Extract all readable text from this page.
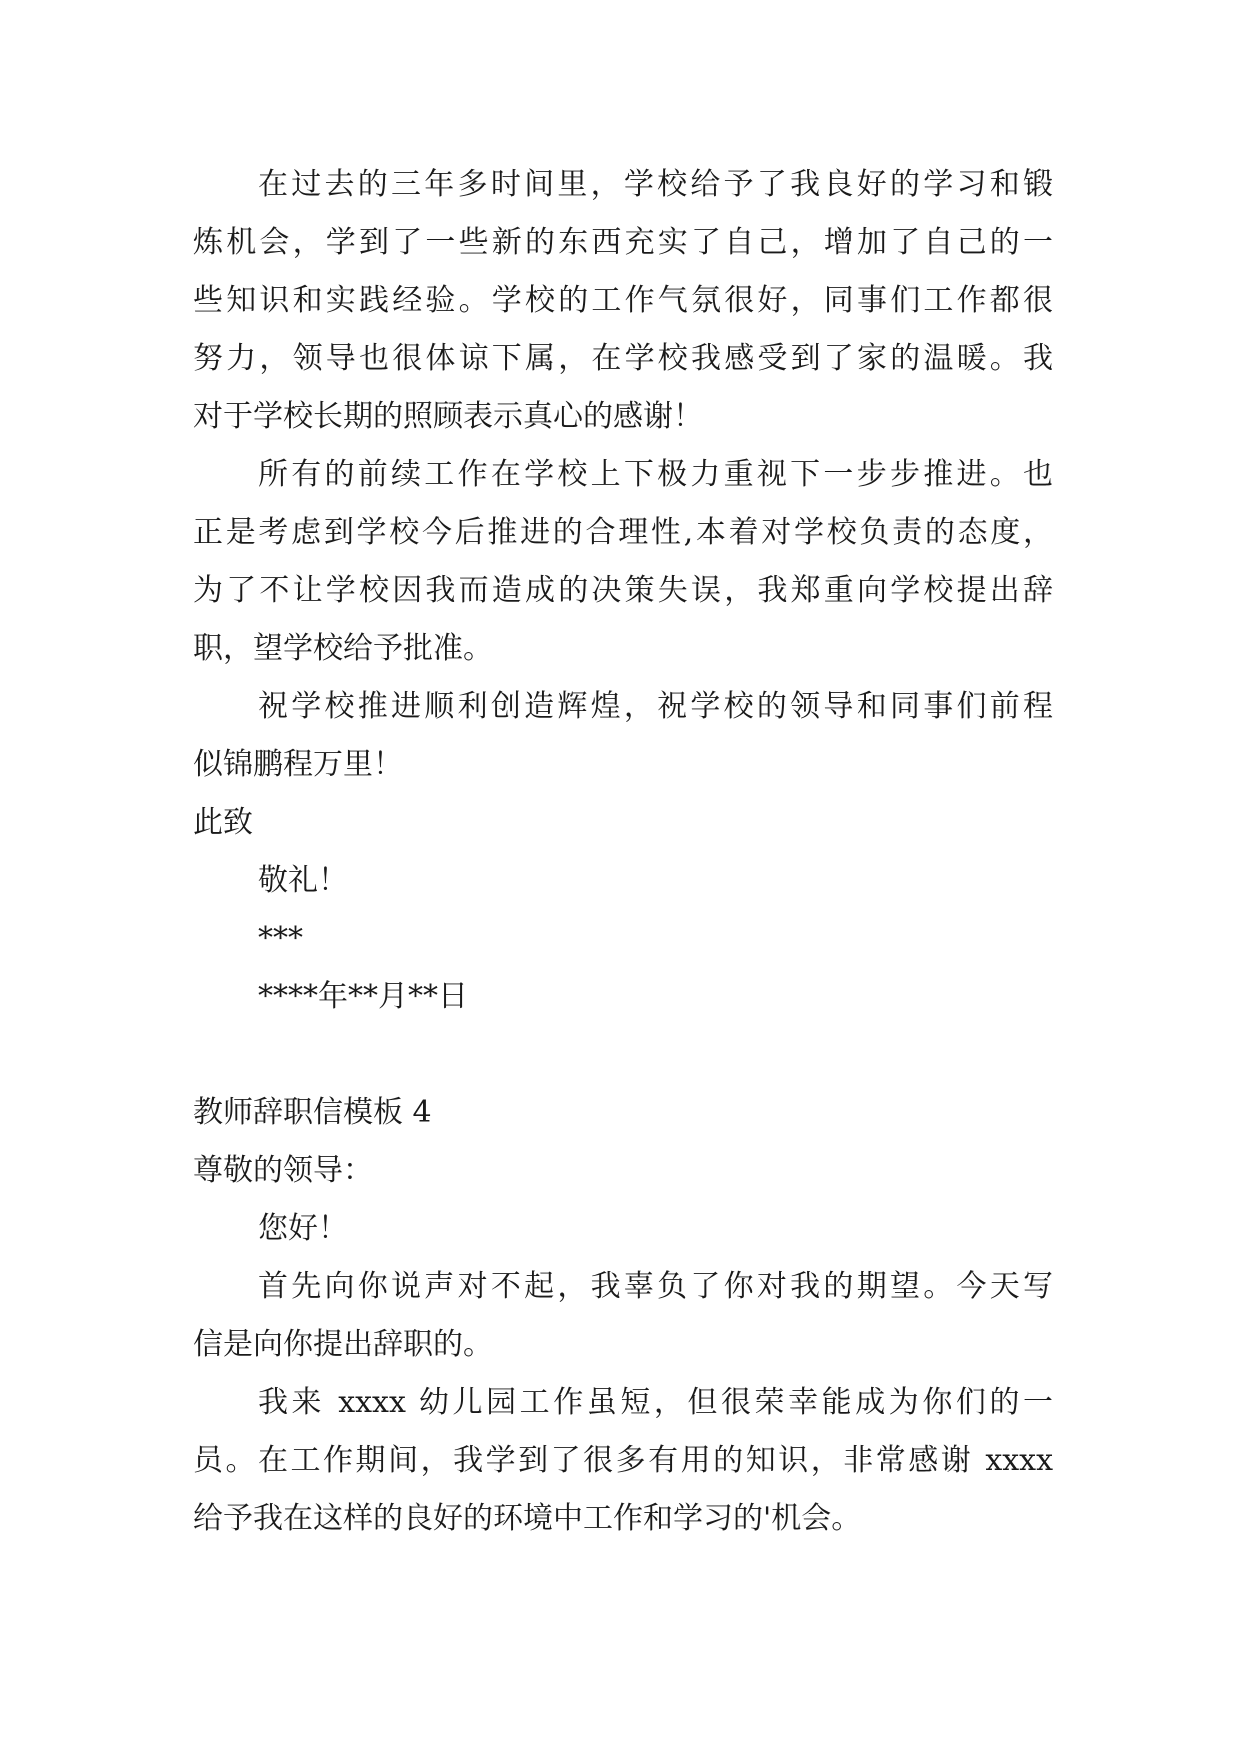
在过去的三年多时间里，学校给予了我良好的学习和锻
炼机会，学到了一些新的东西充实了自己，增加了自己的一
些知识和实践经验。学校的工作气氛很好，同事们工作都很
努力，领导也很体谅下属，在学校我感受到了家的温暖。我
对于学校长期的照顾表示真心的感谢！
所有的前续工作在学校上下极力重视下一步步推进。也
正是考虑到学校今后推进的合理性,本着对学校负责的态度，
为了不让学校因我而造成的决策失误，我郑重向学校提出辞
职，望学校给予批准。
祝学校推进顺利创造辉煌，祝学校的领导和同事们前程
似锦鹏程万里！
此致
敬礼！
***
****年**月**日
教师辞职信模板 4
尊敬的领导：
您好！
首先向你说声对不起，我辜负了你对我的期望。今天写
信是向你提出辞职的。
我来 xxxx 幼儿园工作虽短，但很荣幸能成为你们的一
员。在工作期间，我学到了很多有用的知识，非常感谢 xxxx
给予我在这样的良好的环境中工作和学习的'机会。
